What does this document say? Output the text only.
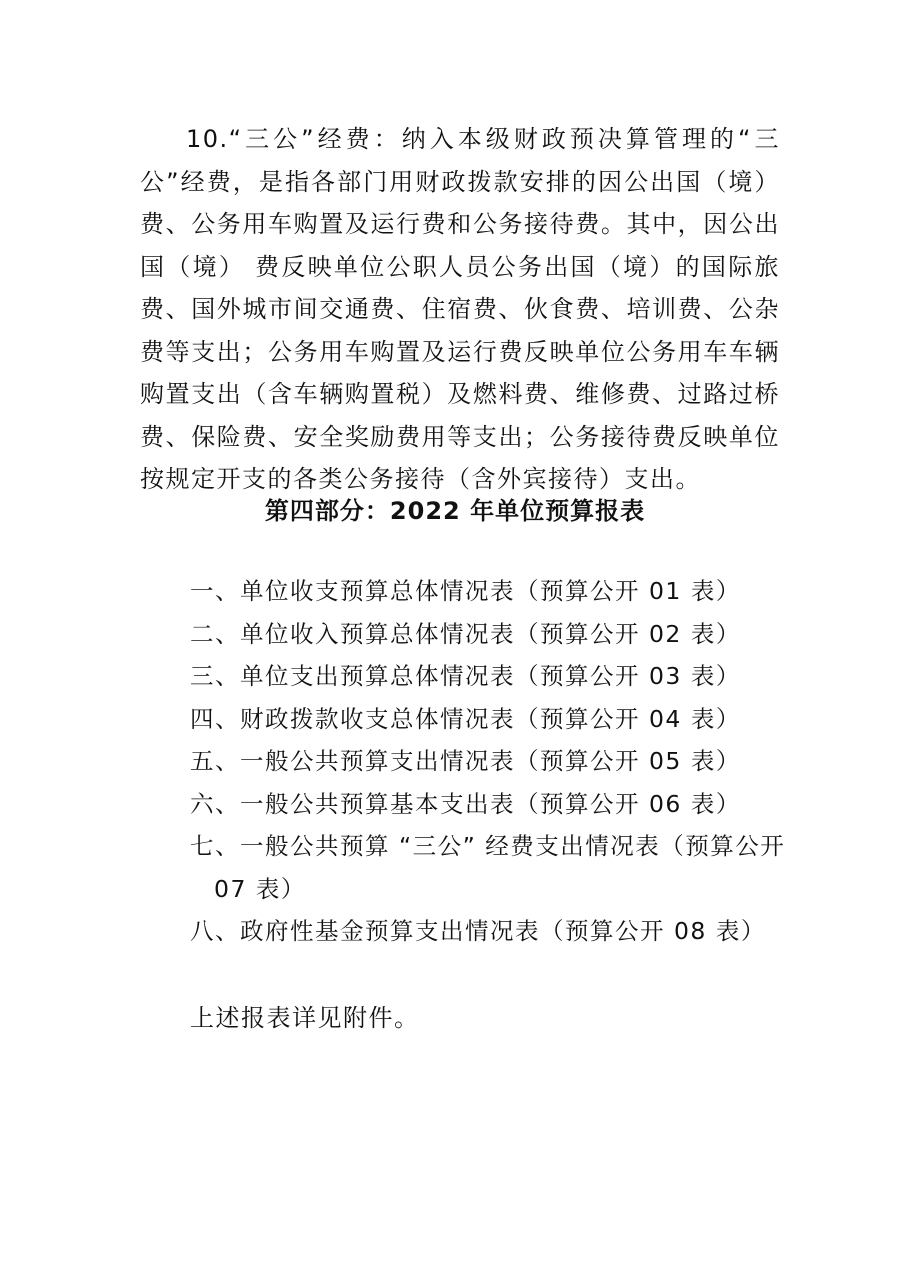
10.“三公”经费：纳入本级财政预决算管理的“三公”经费，是指各部门用财政拨款安排的因公出国（境）费、公务用车购置及运行费和公务接待费。其中，因公出国（境） 费反映单位公职人员公务出国（境）的国际旅费、国外城市间交通费、住宿费、伙食费、培训费、公杂费等支出；公务用车购置及运行费反映单位公务用车车辆购置支出（含车辆购置税）及燃料费、维修费、过路过桥费、保险费、安全奖励费用等支出；公务接待费反映单位按规定开支的各类公务接待（含外宾接待）支出。

第四部分：2022 年单位预算报表
一、单位收支预算总体情况表（预算公开 01 表）
二、单位收入预算总体情况表（预算公开 02 表）
三、单位支出预算总体情况表（预算公开 03 表）
四、财政拨款收支总体情况表（预算公开 04 表）
五、一般公共预算支出情况表（预算公开 05 表）
六、一般公共预算基本支出表（预算公开 06 表）
七、一般公共预算 “三公” 经费支出情况表（预算公开
07 表）
八、政府性基金预算支出情况表（预算公开 08 表）

上述报表详见附件。
